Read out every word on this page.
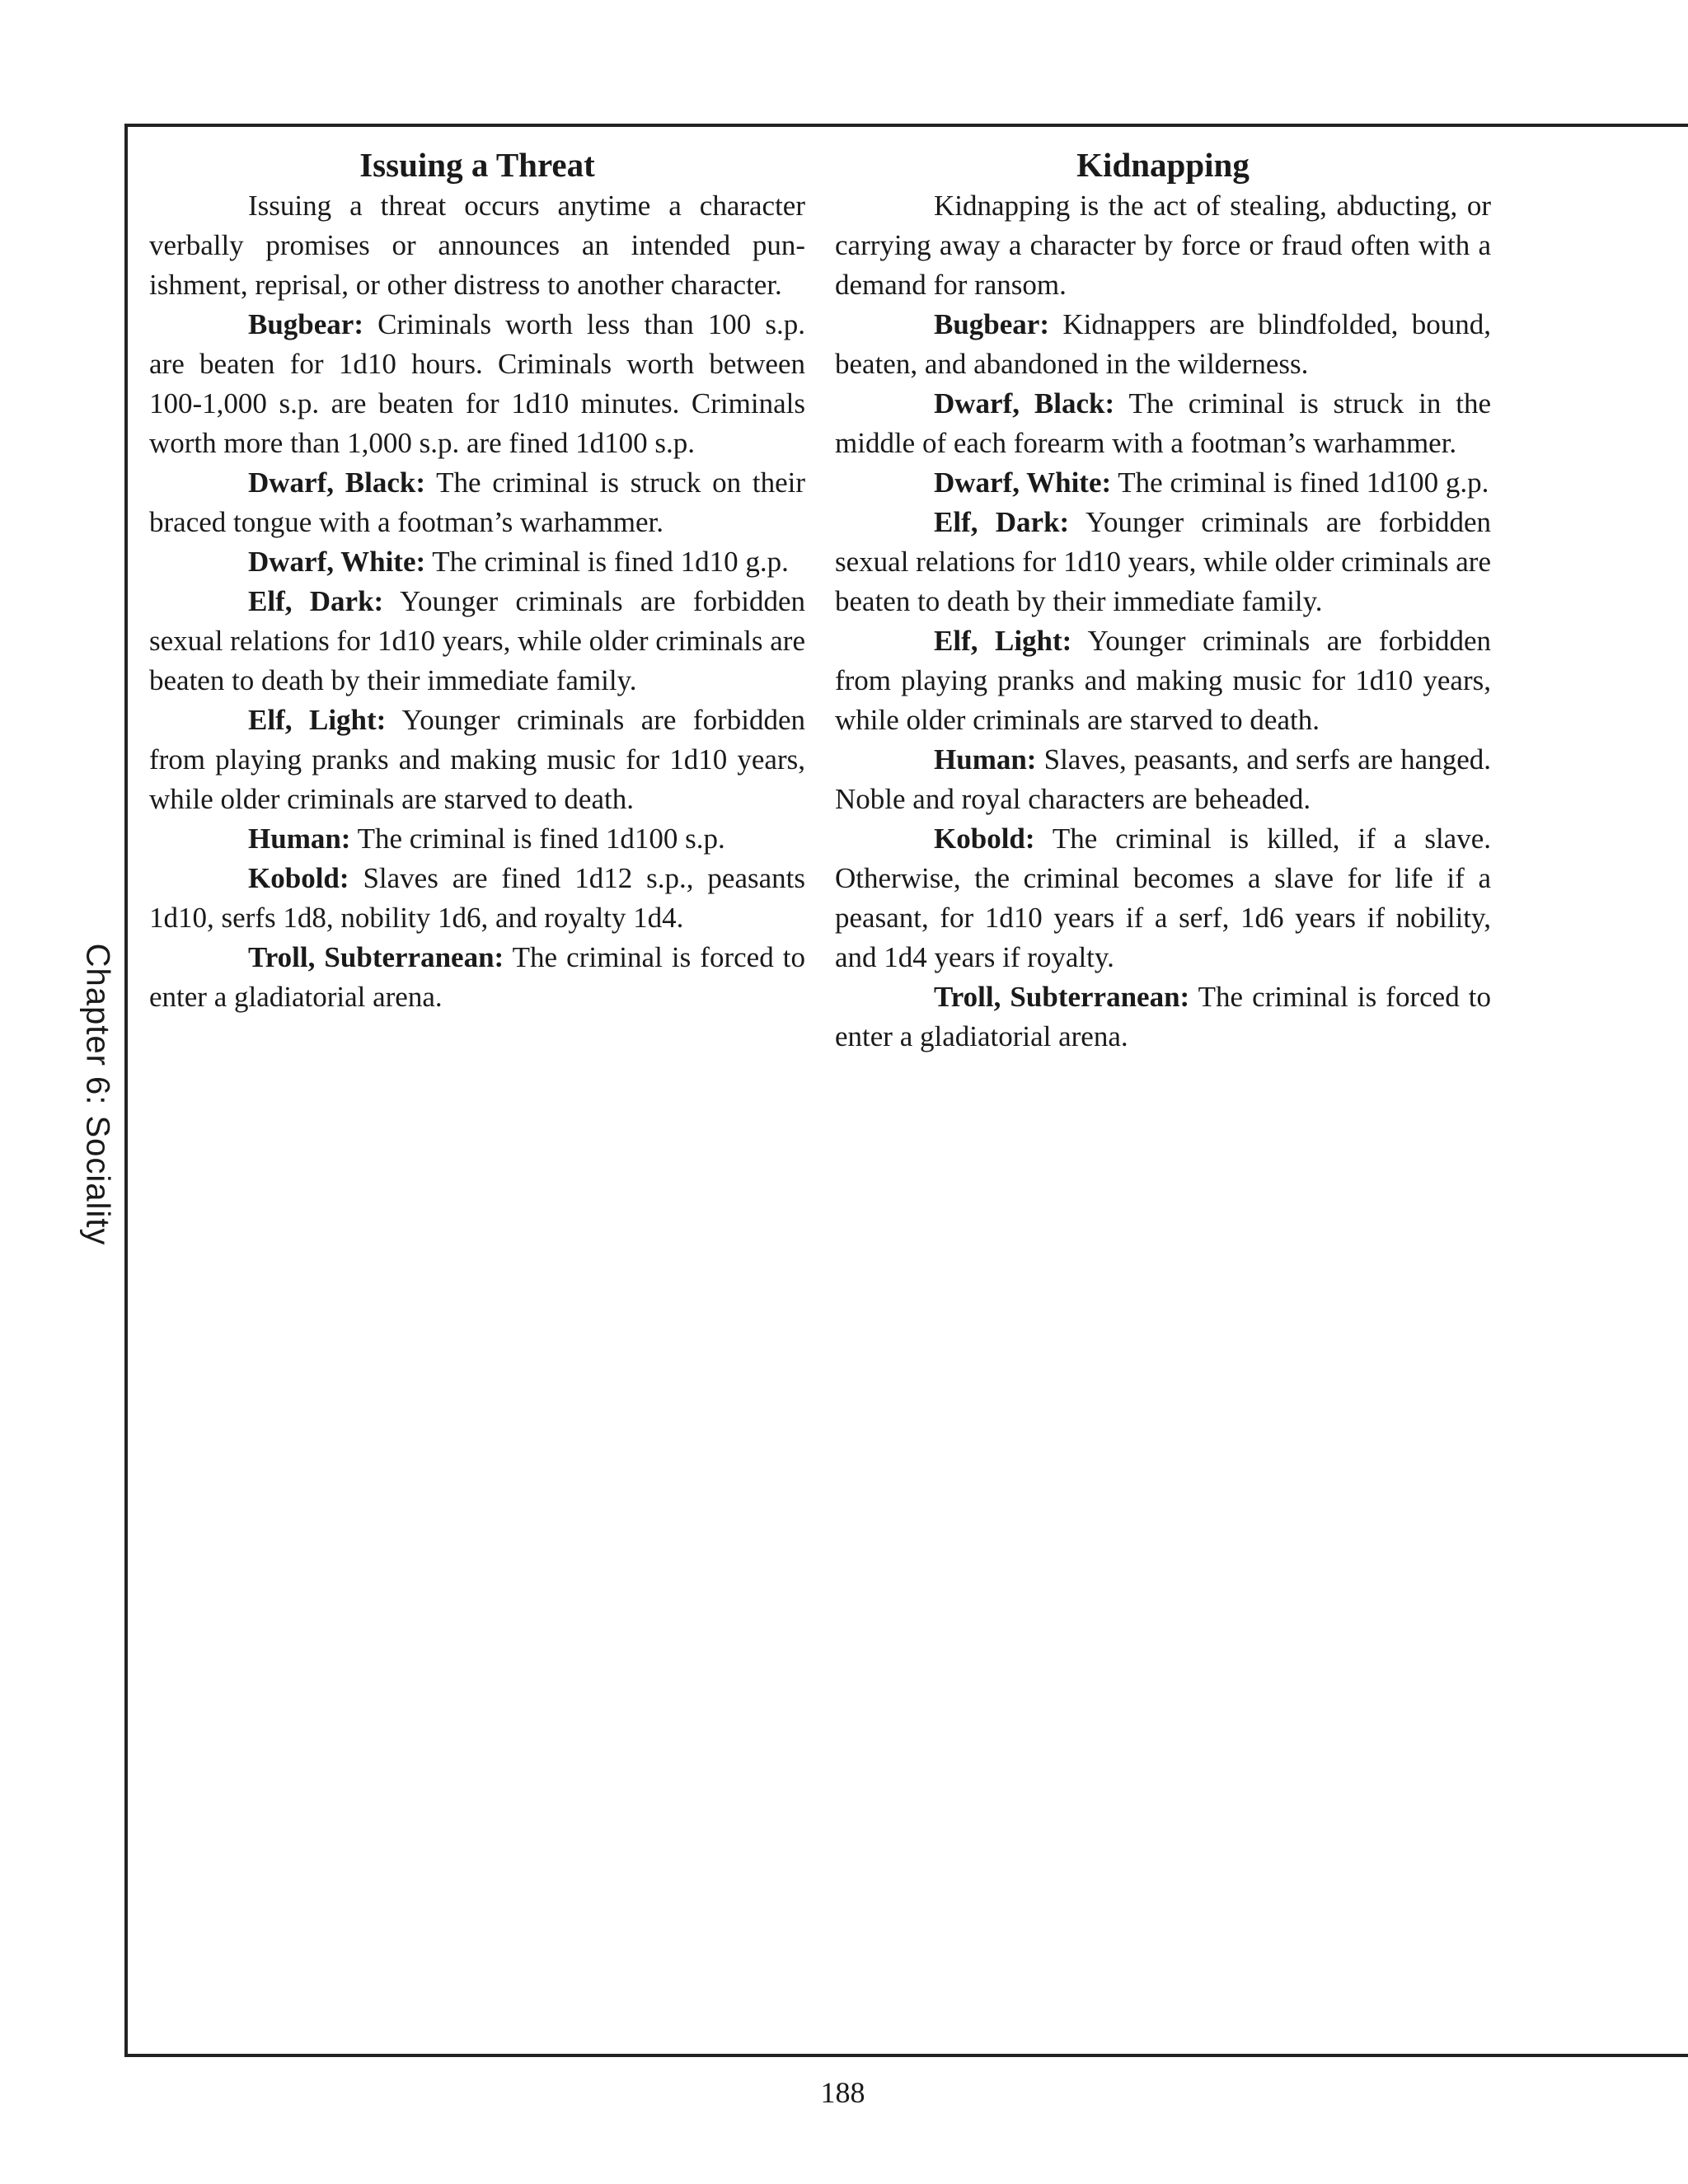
Chapter 6: Sociality
Issuing a Threat

Issuing a threat occurs anytime a character verbally promises or announces an intended punishment, reprisal, or other distress to another character.

Bugbear: Criminals worth less than 100 s.p. are beaten for 1d10 hours. Criminals worth between 100-1,000 s.p. are beaten for 1d10 minutes. Criminals worth more than 1,000 s.p. are fined 1d100 s.p.

Dwarf, Black: The criminal is struck on their braced tongue with a footman’s warhammer.

Dwarf, White: The criminal is fined 1d10 g.p.

Elf, Dark: Younger criminals are forbidden sexual relations for 1d10 years, while older criminals are beaten to death by their immediate family.

Elf, Light: Younger criminals are forbidden from playing pranks and making music for 1d10 years, while older criminals are starved to death.

Human: The criminal is fined 1d100 s.p.

Kobold: Slaves are fined 1d12 s.p., peasants 1d10, serfs 1d8, nobility 1d6, and royalty 1d4.

Troll, Subterranean: The criminal is forced to enter a gladiatorial arena.

Kidnapping

Kidnapping is the act of stealing, abducting, or carrying away a character by force or fraud often with a demand for ransom.

Bugbear: Kidnappers are blindfolded, bound, beaten, and abandoned in the wilderness.

Dwarf, Black: The criminal is struck in the middle of each forearm with a footman’s warhammer.

Dwarf, White: The criminal is fined 1d100 g.p.

Elf, Dark: Younger criminals are forbidden sexual relations for 1d10 years, while older criminals are beaten to death by their immediate family.

Elf, Light: Younger criminals are forbidden from playing pranks and making music for 1d10 years, while older criminals are starved to death.

Human: Slaves, peasants, and serfs are hanged. Noble and royal characters are beheaded.

Kobold: The criminal is killed, if a slave. Otherwise, the criminal becomes a slave for life if a peasant, for 1d10 years if a serf, 1d6 years if nobility, and 1d4 years if royalty.

Troll, Subterranean: The criminal is forced to enter a gladiatorial arena.

188
